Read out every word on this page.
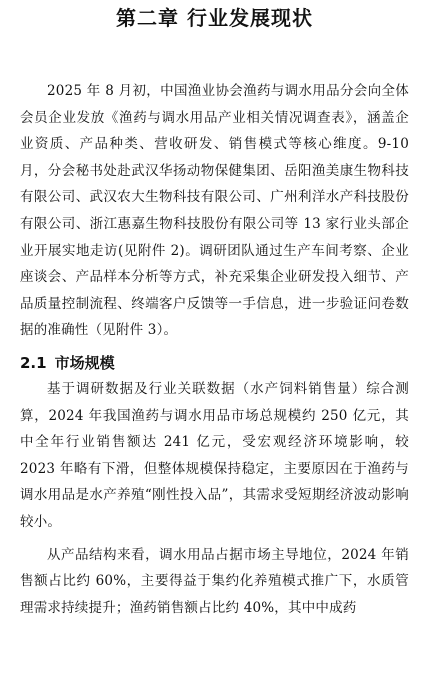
第二章 行业发展现状

2025 年 8 月初，中国渔业协会渔药与调水用品分会向全体会员企业发放《渔药与调水用品产业相关情况调查表》，涵盖企业资质、产品种类、营收研发、销售模式等核心维度。9-10 月，分会秘书处赴武汉华扬动物保健集团、岳阳渔美康生物科技有限公司、武汉农大生物科技有限公司、广州利洋水产科技股份有限公司、浙江惠嘉生物科技股份有限公司等 13 家行业头部企业开展实地走访(见附件 2)。调研团队通过生产车间考察、企业座谈会、产品样本分析等方式，补充采集企业研发投入细节、产品质量控制流程、终端客户反馈等一手信息，进一步验证问卷数据的准确性（见附件 3）。

2.1 市场规模

基于调研数据及行业关联数据（水产饲料销售量）综合测算，2024 年我国渔药与调水用品市场总规模约 250 亿元，其中全年行业销售额达 241 亿元，受宏观经济环境影响，较 2023 年略有下滑，但整体规模保持稳定，主要原因在于渔药与调水用品是水产养殖“刚性投入品”，其需求受短期经济波动影响较小。

从产品结构来看，调水用品占据市场主导地位，2024 年销售额占比约 60%，主要得益于集约化养殖模式推广下，水质管理需求持续提升；渔药销售额占比约 40%，其中中成药
